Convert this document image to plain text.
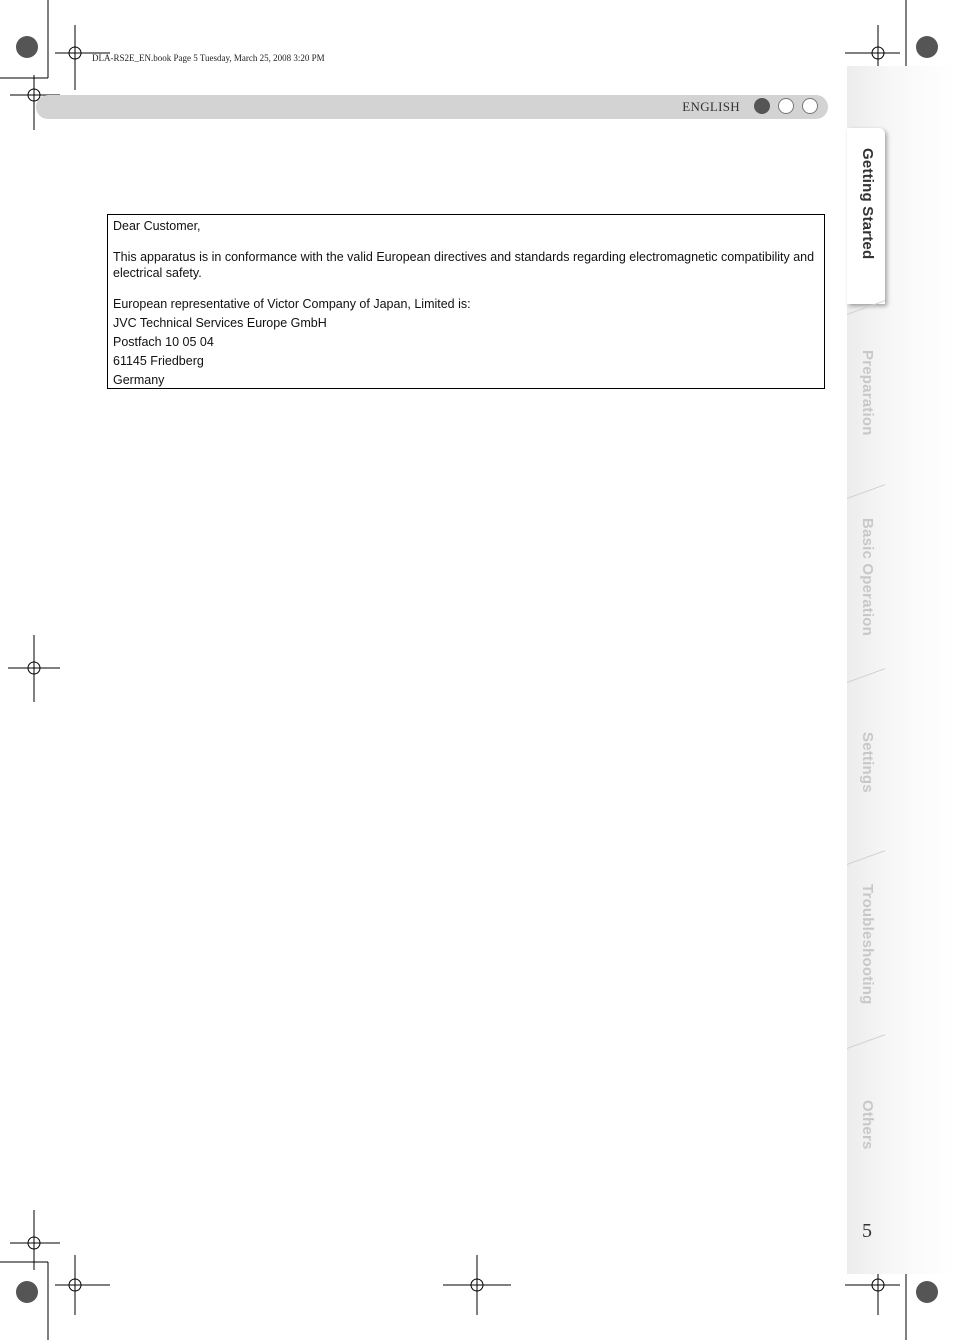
DLA-RS2E_EN.book Page 5 Tuesday, March 25, 2008 3:20 PM
ENGLISH

Dear Customer,

This apparatus is in conformance with the valid European directives and standards regarding electromagnetic compatibility and electrical safety.

European representative of Victor Company of Japan, Limited is:

JVC Technical Services Europe GmbH

Postfach 10 05 04

61145 Friedberg

Germany

Getting Started
Preparation
Basic Operation
Settings
Troubleshooting
Others
5
